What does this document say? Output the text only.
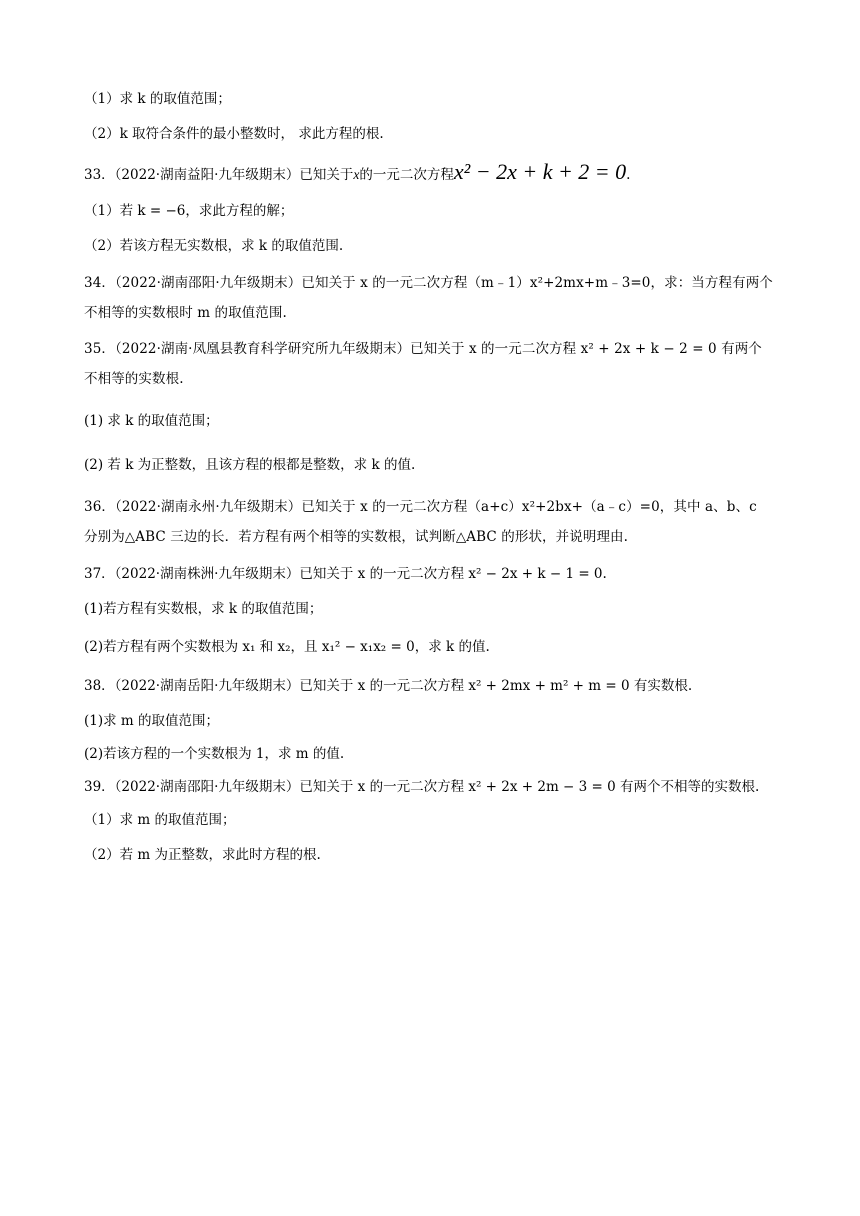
（1）求 k 的取值范围；
（2）k 取符合条件的最小整数时， 求此方程的根.
33．（2022·湖南益阳·九年级期末）已知关于x的一元二次方程x² − 2x + k + 2 = 0.
（1）若 k = −6，求此方程的解；
（2）若该方程无实数根，求 k 的取值范围.
34．（2022·湖南邵阳·九年级期末）已知关于 x 的一元二次方程（m﹣1）x²+2mx+m﹣3=0，求：当方程有两个不相等的实数根时 m 的取值范围.
35．（2022·湖南·凤凰县教育科学研究所九年级期末）已知关于 x 的一元二次方程 x² + 2x + k − 2 = 0 有两个不相等的实数根.
(1) 求 k 的取值范围；
(2) 若 k 为正整数，且该方程的根都是整数，求 k 的值.
36．（2022·湖南永州·九年级期末）已知关于 x 的一元二次方程（a+c）x²+2bx+（a﹣c）=0，其中 a、b、c 分别为△ABC 三边的长．若方程有两个相等的实数根，试判断△ABC 的形状，并说明理由.
37．（2022·湖南株洲·九年级期末）已知关于 x 的一元二次方程 x² − 2x + k − 1 = 0.
(1)若方程有实数根，求 k 的取值范围；
(2)若方程有两个实数根为 x₁ 和 x₂，且 x₁² − x₁x₂ = 0，求 k 的值.
38．（2022·湖南岳阳·九年级期末）已知关于 x 的一元二次方程 x² + 2mx + m² + m = 0 有实数根.
(1)求 m 的取值范围；
(2)若该方程的一个实数根为 1，求 m 的值.
39．（2022·湖南邵阳·九年级期末）已知关于 x 的一元二次方程 x² + 2x + 2m − 3 = 0 有两个不相等的实数根.
（1）求 m 的取值范围；
（2）若 m 为正整数，求此时方程的根.
